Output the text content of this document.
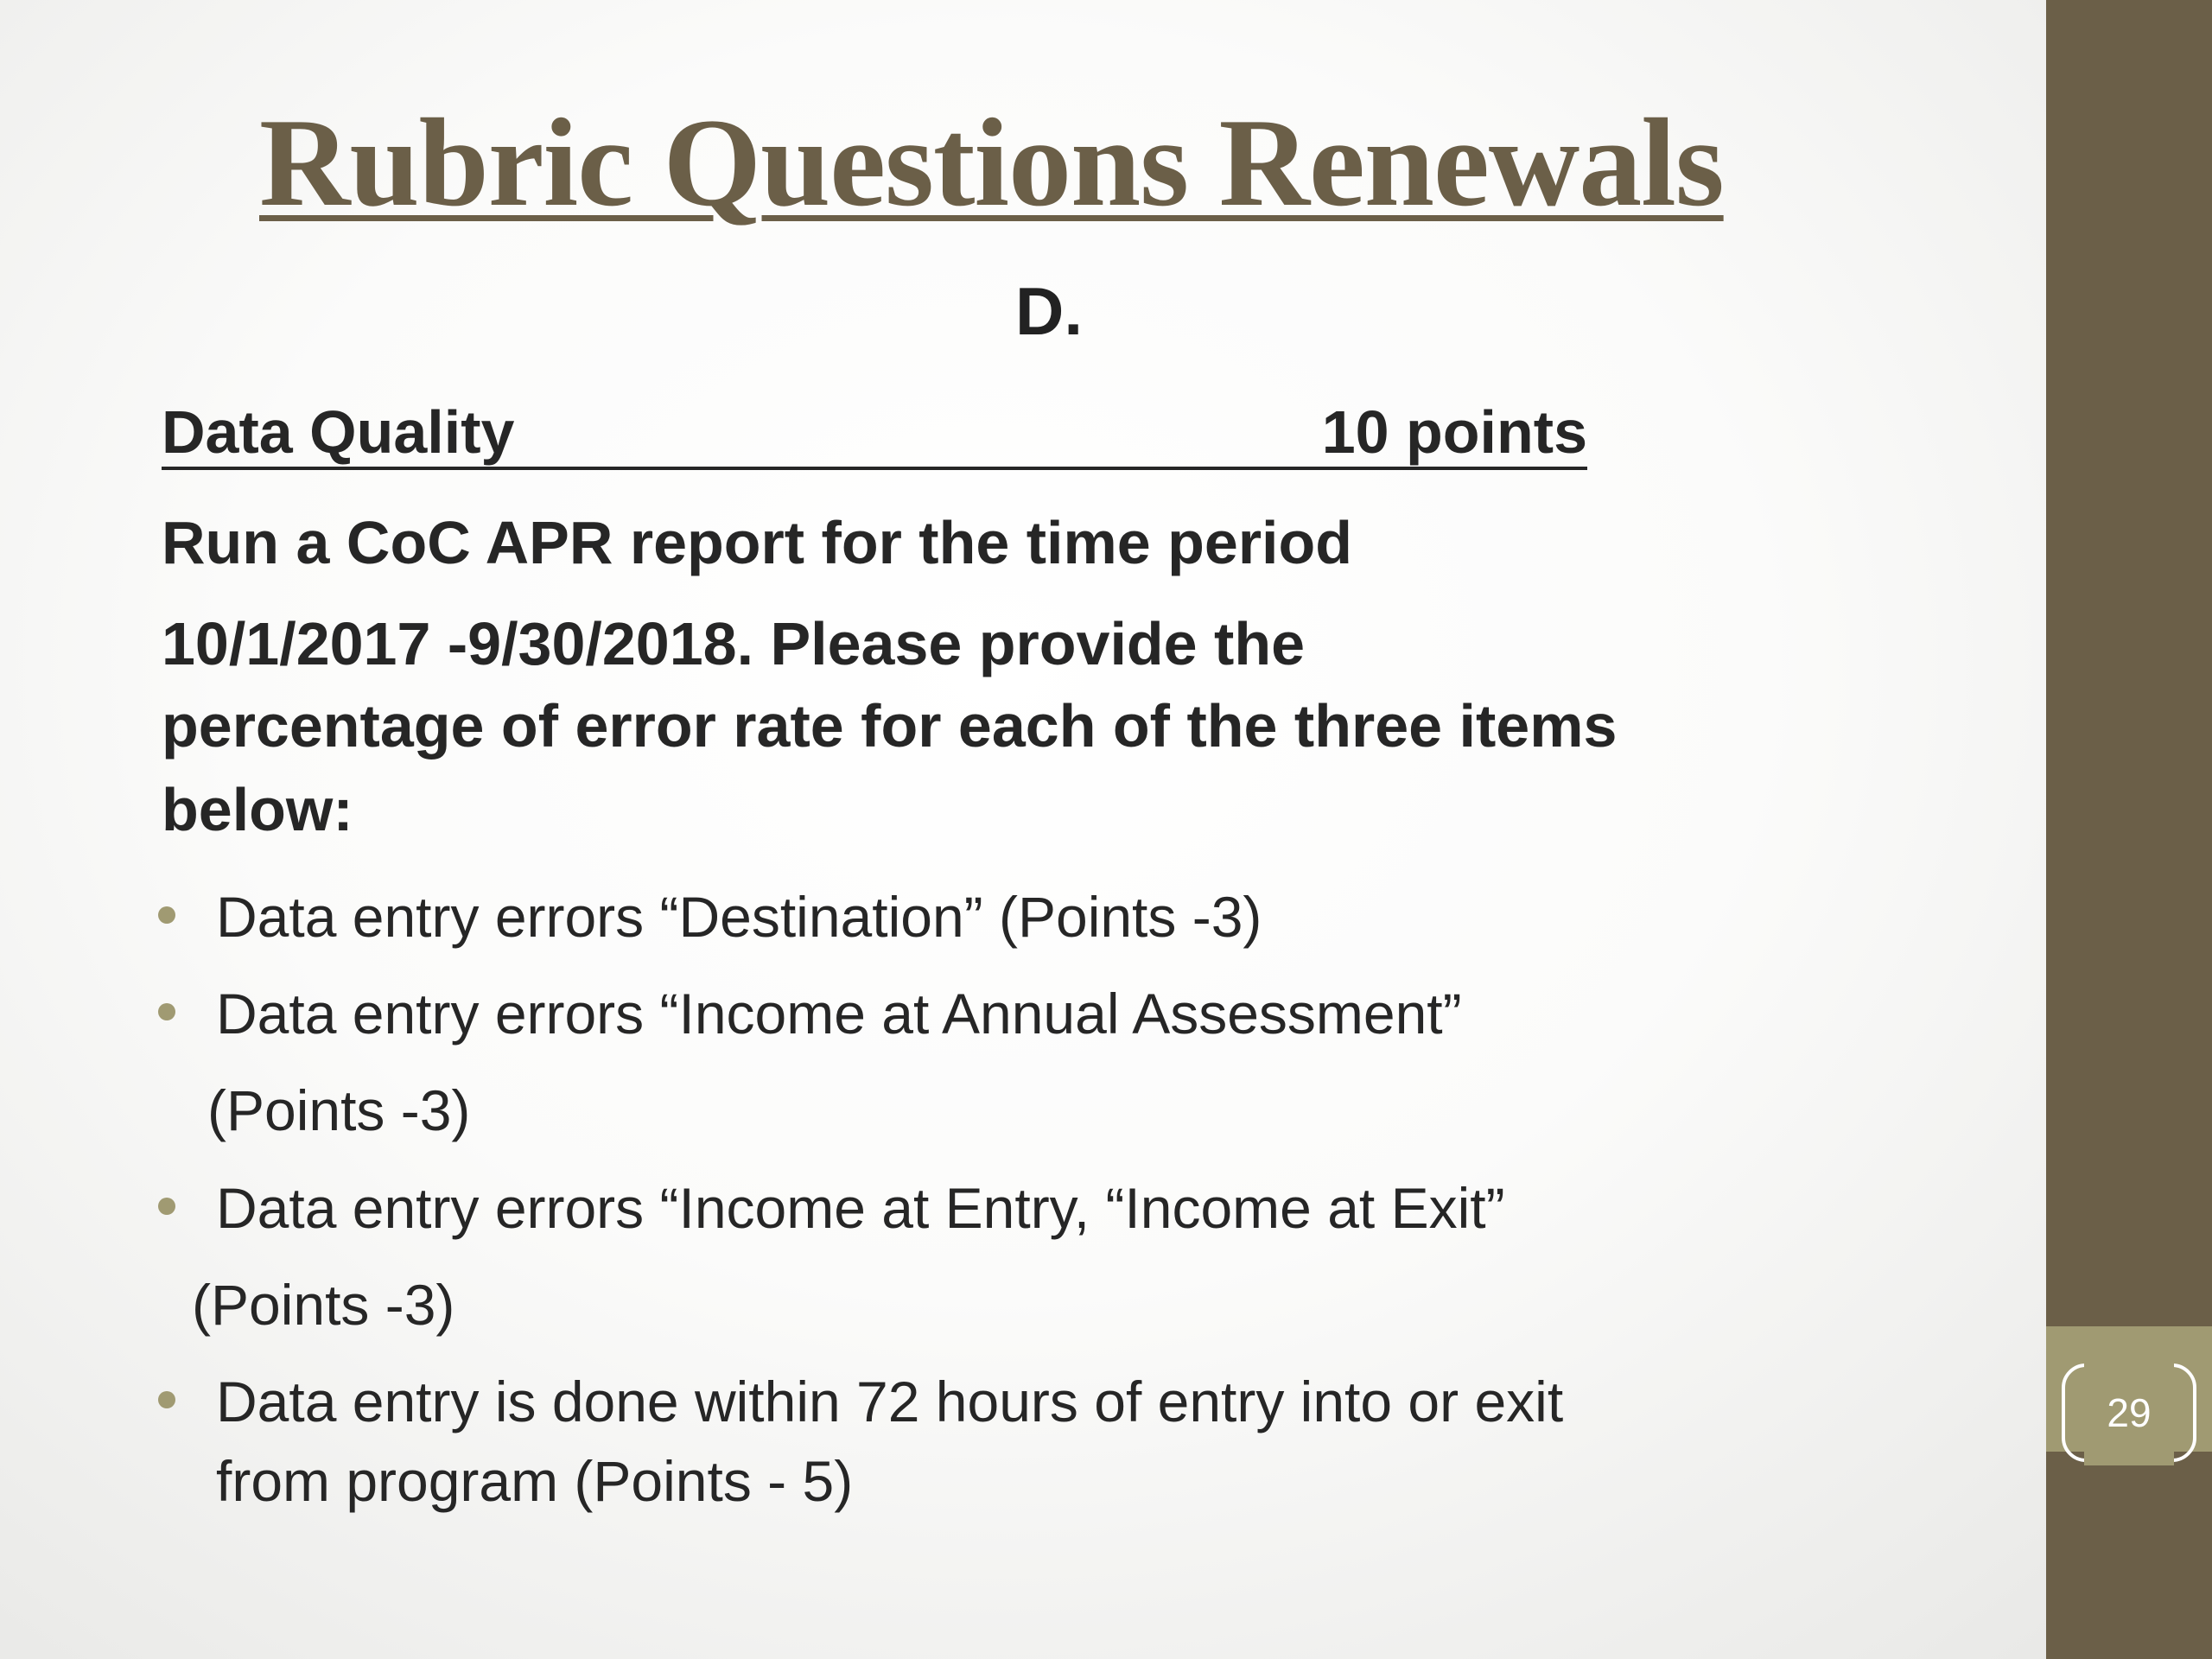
29
Rubric Questions Renewals
D.
Data Quality	10 points
Run a CoC APR report for the time period
10/1/2017 -9/30/2018. Please provide the
percentage of error rate for each of the three items
below:
Data entry errors “Destination” (Points -3)
Data entry errors “Income at Annual Assessment”
(Points -3)
Data entry errors “Income at Entry, “Income at Exit”
(Points -3)
Data entry is done within 72 hours of entry into or exit
from program (Points - 5)
